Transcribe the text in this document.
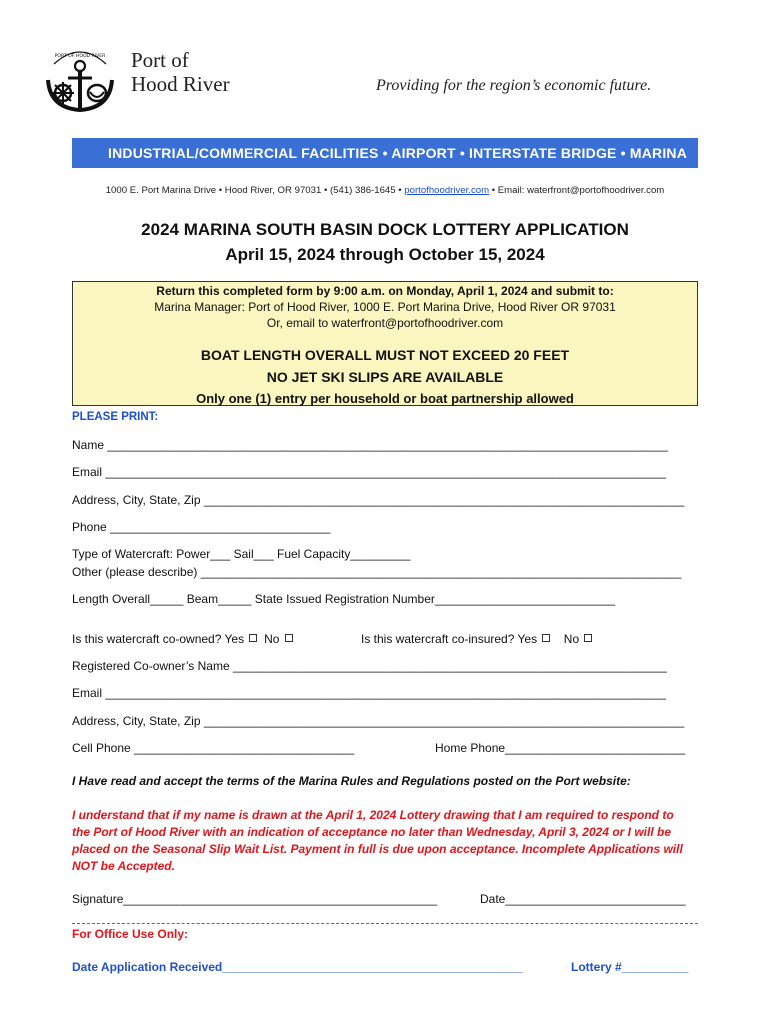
PORT OF HOOD RIVER Port of
Hood River	Providing for the region’s economic future.
INDUSTRIAL/COMMERCIAL FACILITIES • AIRPORT • INTERSTATE BRIDGE • MARINA
1000 E. Port Marina Drive • Hood River, OR 97031 • (541) 386-1645 • portofhoodriver.com • Email: waterfront@portofhoodriver.com
2024 MARINA SOUTH BASIN DOCK LOTTERY APPLICATION
April 15, 2024 through October 15, 2024
Return this completed form by 9:00 a.m. on Monday, April 1, 2024 and submit to:
Marina Manager: Port of Hood River, 1000 E. Port Marina Drive, Hood River OR 97031
Or, email to waterfront@portofhoodriver.com
BOAT LENGTH OVERALL MUST NOT EXCEED 20 FEET
NO JET SKI SLIPS ARE AVAILABLE
Only one (1) entry per household or boat partnership allowed
PLEASE PRINT:
Name ____________________________________________________________________________________
Email ____________________________________________________________________________________
Address, City, State, Zip ________________________________________________________________________
Phone _________________________________
Type of Watercraft: Power___ Sail___ Fuel Capacity_________
Other (please describe) ________________________________________________________________________
Length Overall_____ Beam_____ State Issued Registration Number___________________________
Is this watercraft co-owned? Yes No	Is this watercraft co-insured? Yes No
Registered Co-owner’s Name _________________________________________________________________
Email ____________________________________________________________________________________
Address, City, State, Zip ________________________________________________________________________
Cell Phone _________________________________	Home Phone___________________________
I Have read and accept the terms of the Marina Rules and Regulations posted on the Port website:
I understand that if my name is drawn at the April 1, 2024 Lottery drawing that I am required to respond to
the Port of Hood River with an indication of acceptance no later than Wednesday, April 3, 2024 or I will be
placed on the Seasonal Slip Wait List. Payment in full is due upon acceptance. Incomplete Applications will
NOT be Accepted.
Signature_______________________________________________	Date___________________________
For Office Use Only:
Date Application Received_____________________________________________	Lottery #__________
